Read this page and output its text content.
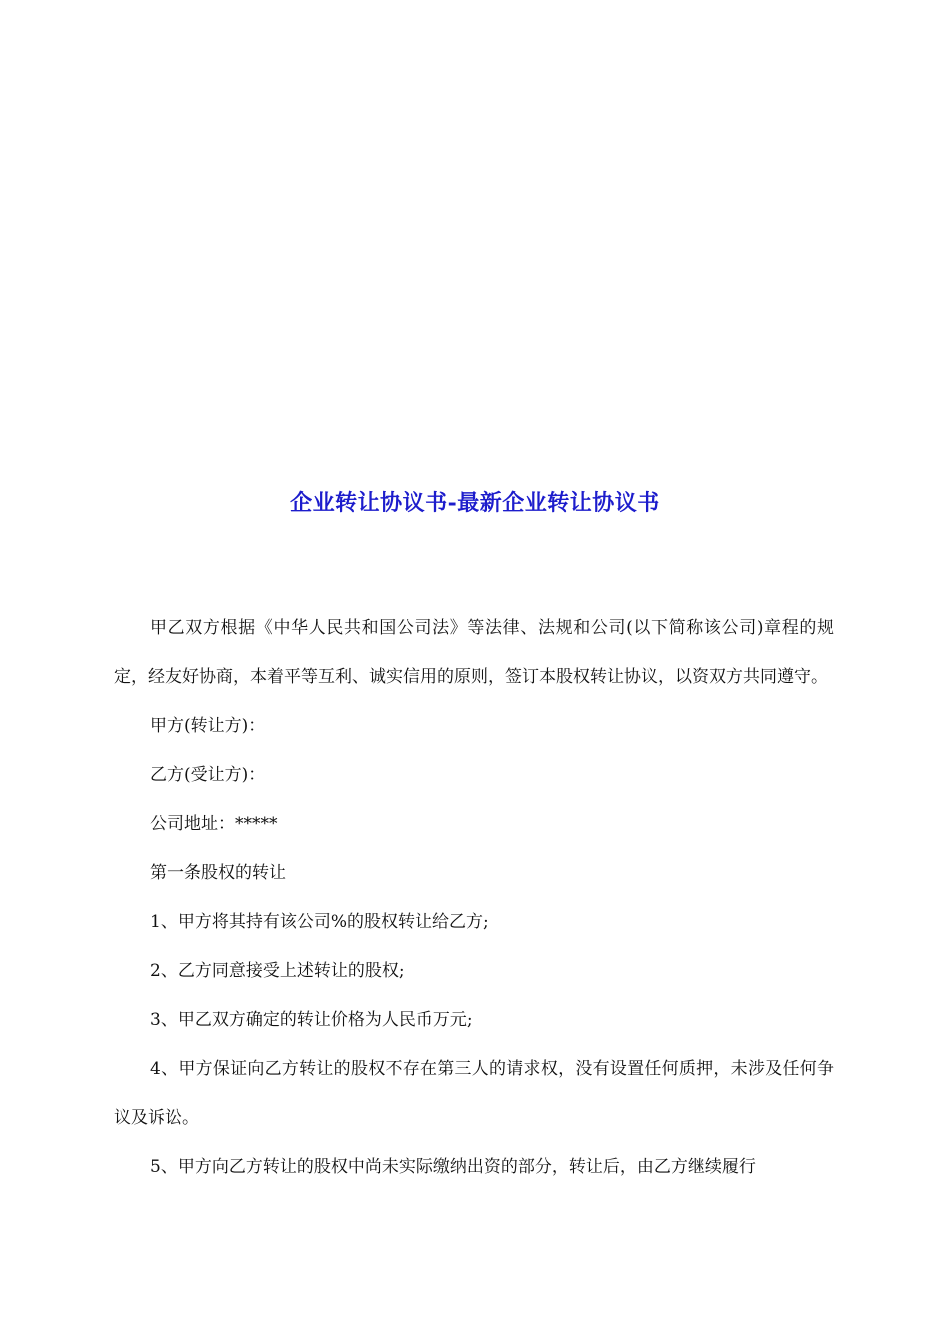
企业转让协议书-最新企业转让协议书

甲乙双方根据《中华人民共和国公司法》等法律、法规和公司(以下简称该公司)章程的规定，经友好协商，本着平等互利、诚实信用的原则，签订本股权转让协议，以资双方共同遵守。

甲方(转让方)：

乙方(受让方)：

公司地址：*****

第一条股权的转让

1、甲方将其持有该公司%的股权转让给乙方;

2、乙方同意接受上述转让的股权;

3、甲乙双方确定的转让价格为人民币万元;

4、甲方保证向乙方转让的股权不存在第三人的请求权，没有设置任何质押，未涉及任何争议及诉讼。

5、甲方向乙方转让的股权中尚未实际缴纳出资的部分，转让后，由乙方继续履行
